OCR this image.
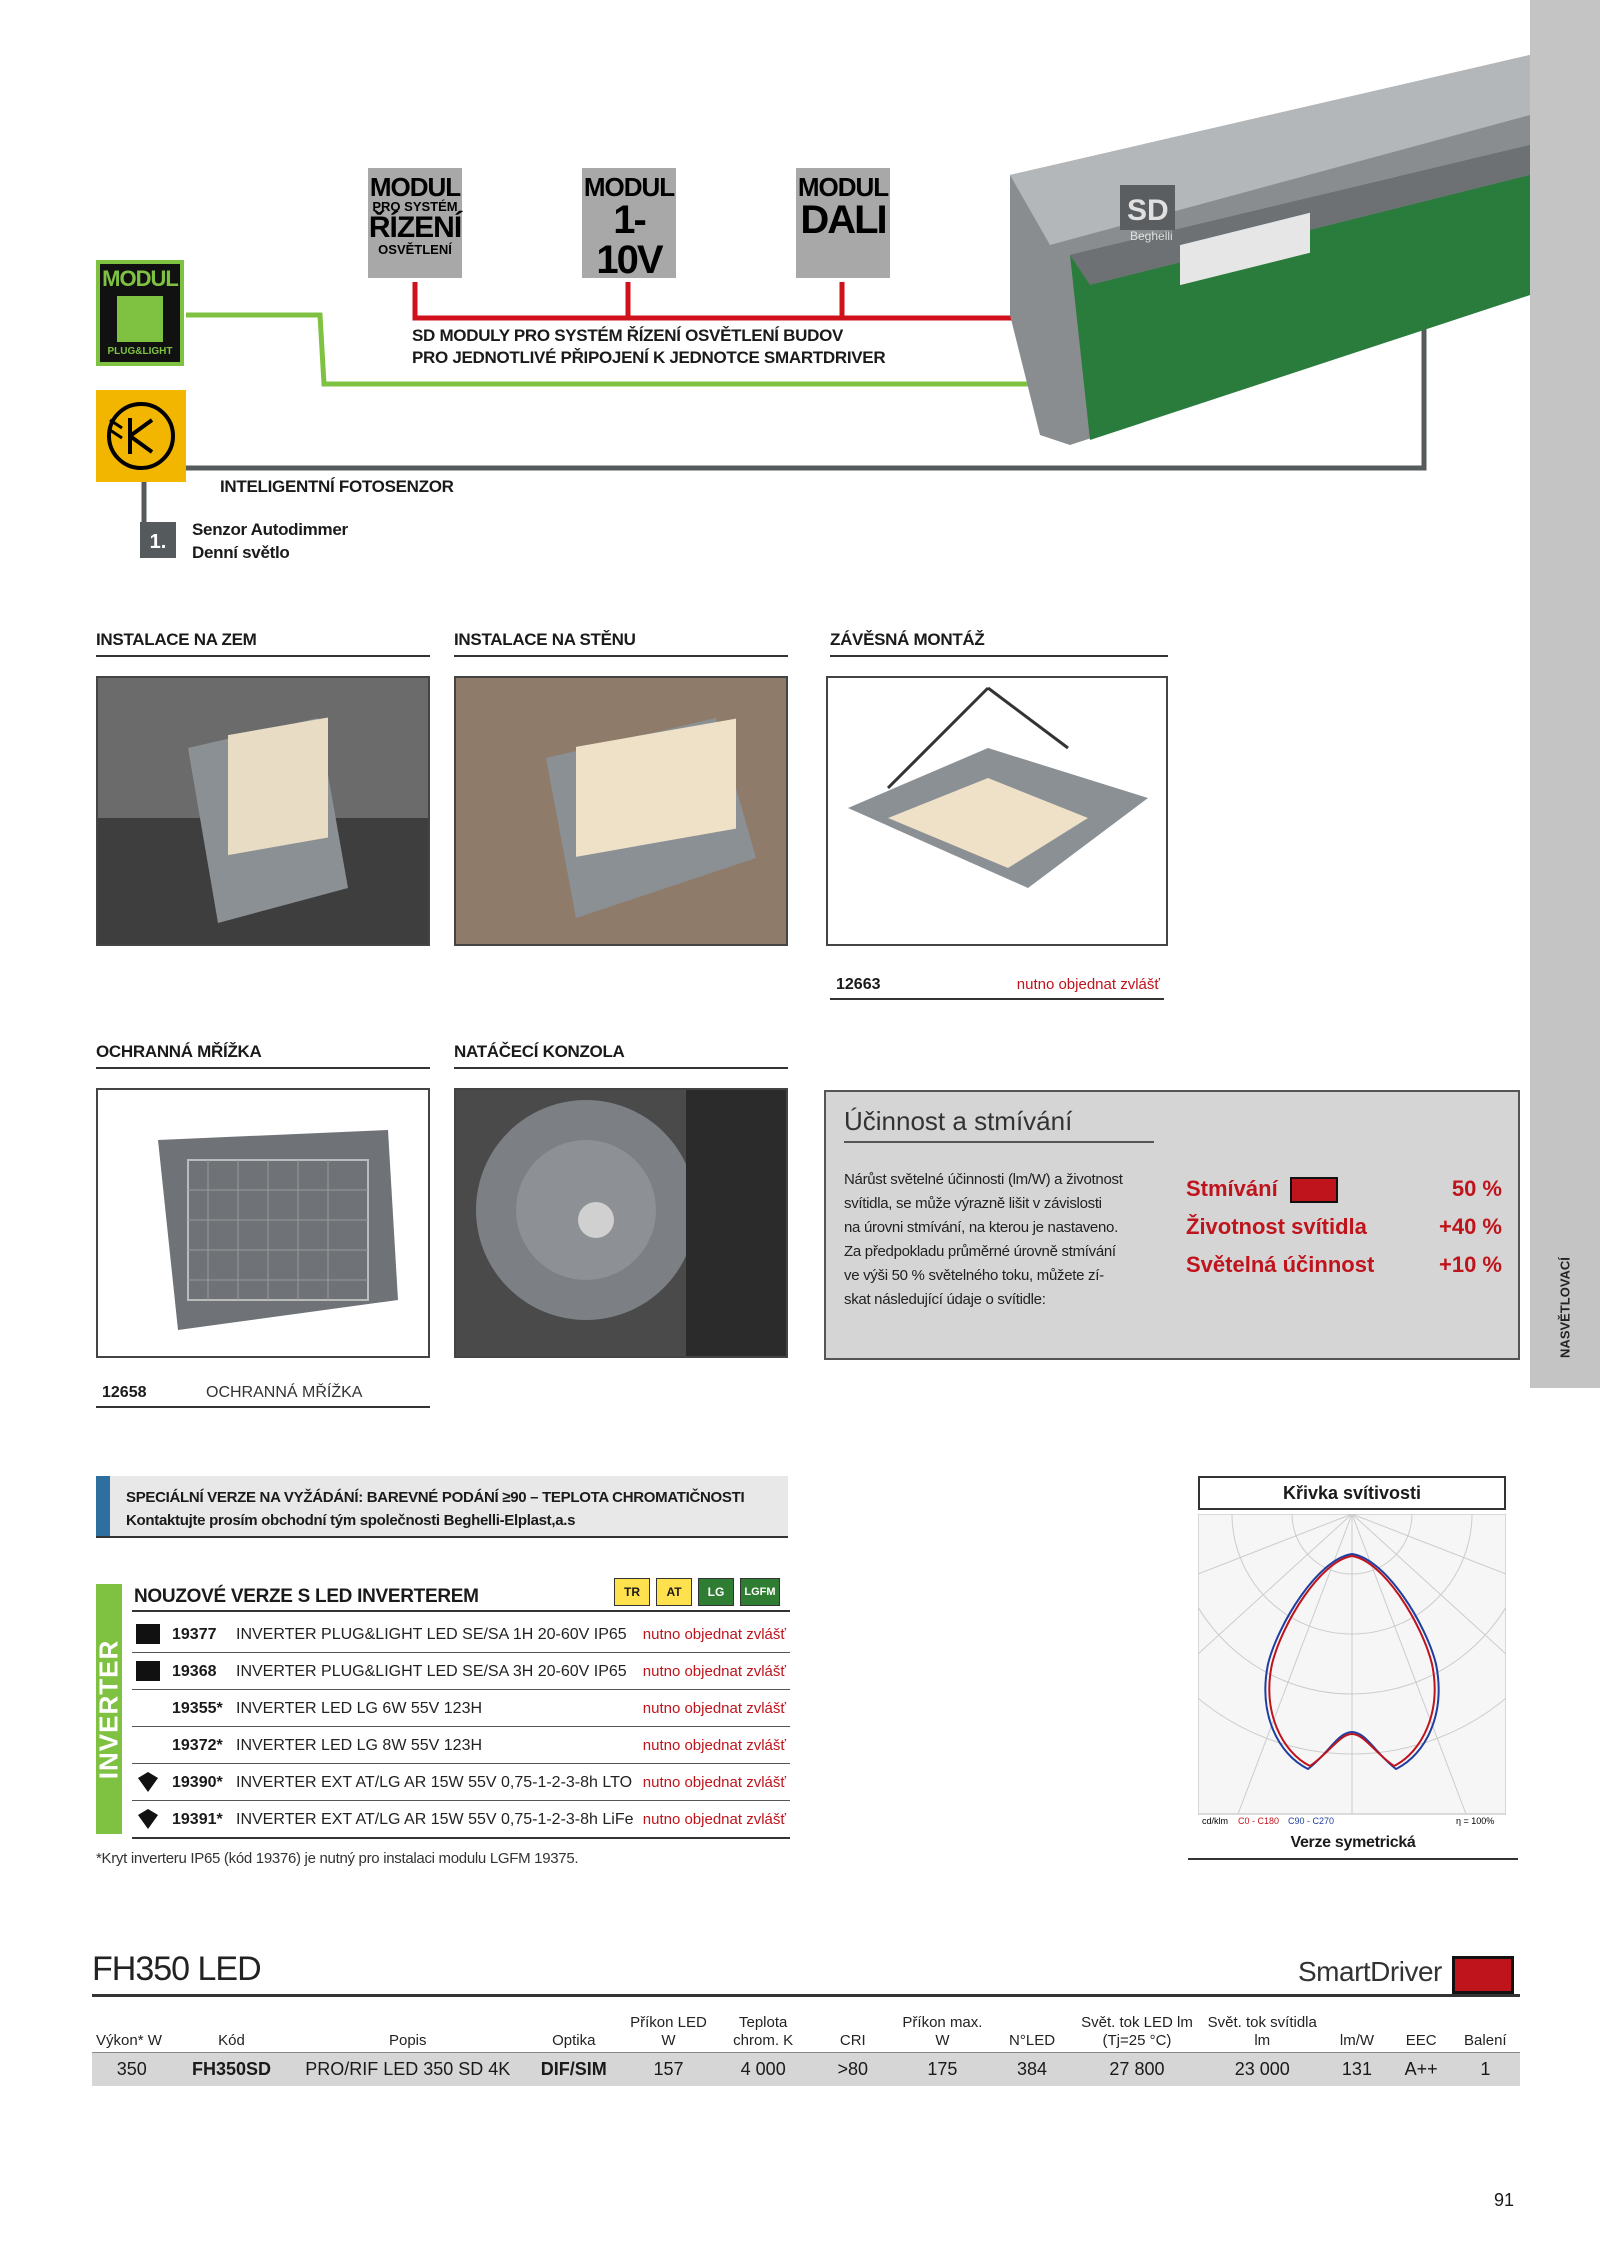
NASVĚTLOVACÍ
SD
Beghelli
MODUL
PRO SYSTÉM
ŘÍZENÍ
OSVĚTLENÍ
MODUL
1-10V
MODUL
DALI
MODUL
PLUG&LIGHT
SD MODULY PRO SYSTÉM ŘÍZENÍ OSVĚTLENÍ BUDOV
PRO JEDNOTLIVÉ PŘIPOJENÍ K JEDNOTCE SMARTDRIVER
INTELIGENTNÍ FOTOSENZOR
1.
Senzor Autodimmer
Denní světlo
INSTALACE NA ZEM	INSTALACE NA STĚNU	ZÁVĚSNÁ MONTÁŽ
12663	nutno objednat zvlášť
OCHRANNÁ MŘÍŽKA	NATÁČECÍ KONZOLA
12658	OCHRANNÁ MŘÍŽKA
Účinnost a stmívání
Nárůst světelné účinnosti (lm/W) a životnost
svítidla, se může výrazně lišit v závislosti
na úrovni stmívání, na kterou je nastaveno.
Za předpokladu průměrné úrovně stmívání
ve výši 50 % světelného toku, můžete zí-
skat následující údaje o svítidle:
Stmívání	50 %
Životnost svítidla	+40 %
Světelná účinnost	+10 %
SPECIÁLNÍ VERZE NA VYŽÁDÁNÍ: BAREVNÉ PODÁNÍ ≥90 – TEPLOTA CHROMATIČNOSTI
Kontaktujte prosím obchodní tým společnosti Beghelli-Elplast,a.s
INVERTER
NOUZOVÉ VERZE S LED INVERTEREM	TR	AT	LG	LGFM
19377 INVERTER PLUG&LIGHT LED SE/SA 1H 20-60V IP65 nutno objednat zvlášť
19368 INVERTER PLUG&LIGHT LED SE/SA 3H 20-60V IP65 nutno objednat zvlášť
19355* INVERTER LED LG 6W 55V 123H	nutno objednat zvlášť
19372* INVERTER LED LG 8W 55V 123H	nutno objednat zvlášť
19390* INVERTER EXT AT/LG AR 15W 55V 0,75-1-2-3-8h LTO nutno objednat zvlášť
19391* INVERTER EXT AT/LG AR 15W 55V 0,75-1-2-3-8h LiFe nutno objednat zvlášť
*Kryt inverteru IP65 (kód 19376) je nutný pro instalaci modulu LGFM 19375.
Křivka svítivosti
cd/klm C0 - C180 C90 - C270	η = 100%
Verze symetrická
FH350 LED	SmartDriver
Výkon* W	Kód	Popis	Optika	Příkon LED W	Teplota chrom. K	CRI	Příkon max. W	N°LED	Svět. tok LED lm (Tj=25 °C)	Svět. tok svítidla lm	lm/W	EEC	Balení
350	FH350SD	PRO/RIF LED 350 SD 4K	DIF/SIM	157	4 000	>80	175	384	27 800	23 000	131	A++	1
91
